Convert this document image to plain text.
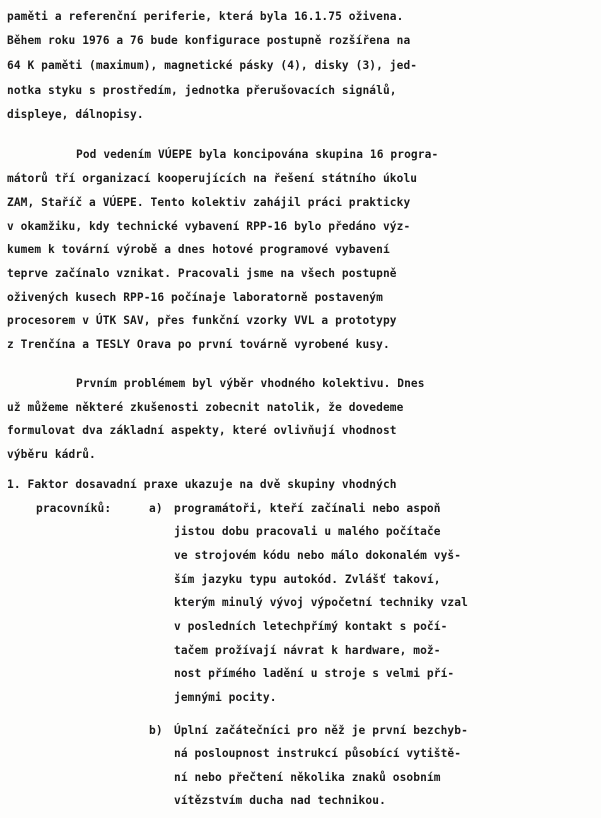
paměti a referenční periferie, která byla 16.1.75 oživena.
Během roku 1976 a 76 bude konfigurace postupně rozšířena na
64 K paměti (maximum), magnetické pásky (4), disky (3), jed-
notka styku s prostředím, jednotka přerušovacích signálů,
displeye, dálnopisy.
Pod vedením VÚEPE byla koncipována skupina 16 progra-
mátorů tří organizací kooperujících na řešení státního úkolu
ZAM, Staříč a VÚEPE. Tento kolektiv zahájil práci prakticky
v okamžiku, kdy technické vybavení RPP-16 bylo předáno výz-
kumem k tovární výrobě a dnes hotové programové vybavení
teprve začínalo vznikat. Pracovali jsme na všech postupně
oživených kusech RPP-16 počínaje laboratorně postaveným
procesorem v ÚTK SAV, přes funkční vzorky VVL a prototypy
z Trenčína a TESLY Orava po první továrně vyrobené kusy.
Prvním problémem byl výběr vhodného kolektivu. Dnes
už můžeme některé zkušenosti zobecnit natolik, že dovedeme
formulovat dva základní aspekty, které ovlivňují vhodnost
výběru kádrů.
1. Faktor dosavadní praxe ukazuje na dvě skupiny vhodných
pracovníků:	a) programátoři, kteří začínali nebo aspoň
jistou dobu pracovali u malého počítače
ve strojovém kódu nebo málo dokonalém vyš-
ším jazyku typu autokód. Zvlášť takoví,
kterým minulý vývoj výpočetní techniky vzal
v posledních letechpřímý kontakt s počí-
tačem prožívají návrat k hardware, mož-
nost přímého ladění u stroje s velmi pří-
jemnými pocity.
b) Úplní začátečníci pro něž je první bezchyb-
ná posloupnost instrukcí působící vytiště-
ní nebo přečtení několika znaků osobním
vítězstvím ducha nad technikou.
